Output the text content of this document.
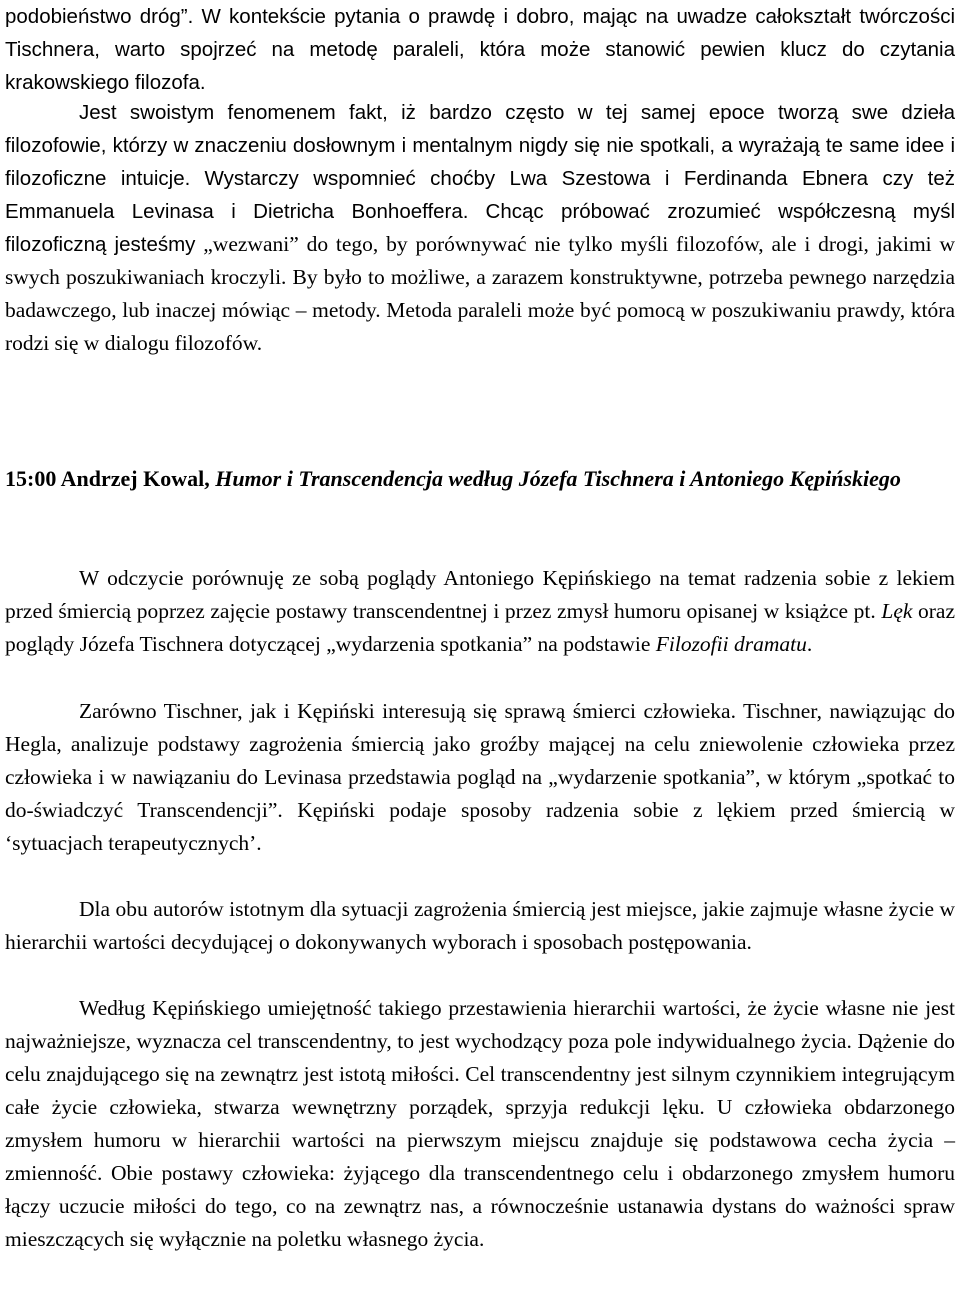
podobieństwo dróg”. W kontekście pytania o prawdę i dobro, mając na uwadze całokształt twórczości Tischnera, warto spojrzeć na metodę paraleli, która może stanowić pewien klucz do czytania krakowskiego filozofa.

Jest swoistym fenomenem fakt, iż bardzo często w tej samej epoce tworzą swe dzieła filozofowie, którzy w znaczeniu dosłownym i mentalnym nigdy się nie spotkali, a wyrażają te same idee i filozoficzne intuicje. Wystarczy wspomnieć choćby Lwa Szestowa i Ferdinanda Ebnera czy też Emmanuela Levinasa i Dietricha Bonhoeffera. Chcąc próbować zrozumieć współczesną myśl filozoficzną jesteśmy „wezwani” do tego, by porównywać nie tylko myśli filozofów, ale i drogi, jakimi w swych poszukiwaniach kroczyli. By było to możliwe, a zarazem konstruktywne, potrzeba pewnego narzędzia badawczego, lub inaczej mówiąc – metody. Metoda paraleli może być pomocą w poszukiwaniu prawdy, która rodzi się w dialogu filozofów.

15:00 Andrzej Kowal, Humor i Transcendencja według Józefa Tischnera i Antoniego Kępińskiego

W odczycie porównuję ze sobą poglądy Antoniego Kępińskiego na temat radzenia sobie z lekiem przed śmiercią poprzez zajęcie postawy transcendentnej i przez zmysł humoru opisanej w książce pt. Lęk oraz poglądy Józefa Tischnera dotyczącej „wydarzenia spotkania” na podstawie Filozofii dramatu.

Zarówno Tischner, jak i Kępiński interesują się sprawą śmierci człowieka. Tischner, nawiązując do Hegla, analizuje podstawy zagrożenia śmiercią jako groźby mającej na celu zniewolenie człowieka przez człowieka i w nawiązaniu do Levinasa przedstawia pogląd na „wydarzenie spotkania”, w którym „spotkać to do-świadczyć Transcendencji”. Kępiński podaje sposoby radzenia sobie z lękiem przed śmiercią w ‘sytuacjach terapeutycznych’.

Dla obu autorów istotnym dla sytuacji zagrożenia śmiercią jest miejsce, jakie zajmuje własne życie w hierarchii wartości decydującej o dokonywanych wyborach i sposobach postępowania.

Według Kępińskiego umiejętność takiego przestawienia hierarchii wartości, że życie własne nie jest najważniejsze, wyznacza cel transcendentny, to jest wychodzący poza pole indywidualnego życia. Dążenie do celu znajdującego się na zewnątrz jest istotą miłości. Cel transcendentny jest silnym czynnikiem integrującym całe życie człowieka, stwarza wewnętrzny porządek, sprzyja redukcji lęku. U człowieka obdarzonego zmysłem humoru w hierarchii wartości na pierwszym miejscu znajduje się podstawowa cecha życia – zmienność. Obie postawy człowieka: żyjącego dla transcendentnego celu i obdarzonego zmysłem humoru łączy uczucie miłości do tego, co na zewnątrz nas, a równocześnie ustanawia dystans do ważności spraw mieszczących się wyłącznie na poletku własnego życia.
